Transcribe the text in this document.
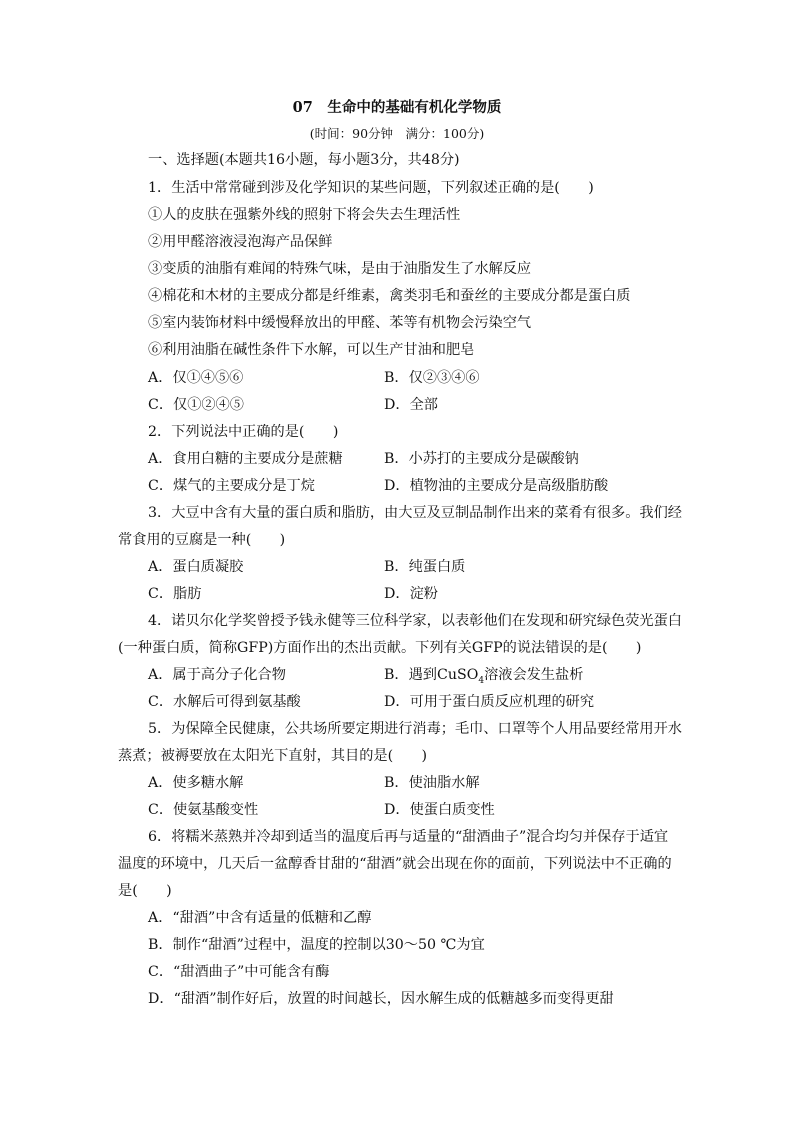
07　生命中的基础有机化学物质
(时间：90分钟　满分：100分)
一、选择题(本题共16小题，每小题3分，共48分)
1．生活中常常碰到涉及化学知识的某些问题，下列叙述正确的是(　　)
①人的皮肤在强紫外线的照射下将会失去生理活性
②用甲醛溶液浸泡海产品保鲜
③变质的油脂有难闻的特殊气味，是由于油脂发生了水解反应
④棉花和木材的主要成分都是纤维素，禽类羽毛和蚕丝的主要成分都是蛋白质
⑤室内装饰材料中缓慢释放出的甲醛、苯等有机物会污染空气
⑥利用油脂在碱性条件下水解，可以生产甘油和肥皂
A．仅①④⑤⑥	B．仅②③④⑥
C．仅①②④⑤	D．全部
2．下列说法中正确的是(　　)
A．食用白糖的主要成分是蔗糖	B．小苏打的主要成分是碳酸钠
C．煤气的主要成分是丁烷	D．植物油的主要成分是高级脂肪酸
3．大豆中含有大量的蛋白质和脂肪，由大豆及豆制品制作出来的菜肴有很多。我们经
常食用的豆腐是一种(　　)
A．蛋白质凝胶	B．纯蛋白质
C．脂肪	D．淀粉
4．诺贝尔化学奖曾授予钱永健等三位科学家，以表彰他们在发现和研究绿色荧光蛋白
(一种蛋白质，简称GFP)方面作出的杰出贡献。下列有关GFP的说法错误的是(　　)
A．属于高分子化合物	B．遇到CuSO$_4$溶液会发生盐析
C．水解后可得到氨基酸	D．可用于蛋白质反应机理的研究
5．为保障全民健康，公共场所要定期进行消毒；毛巾、口罩等个人用品要经常用开水
蒸煮；被褥要放在太阳光下直射，其目的是(　　)
A．使多糖水解	B．使油脂水解
C．使氨基酸变性	D．使蛋白质变性
6．将糯米蒸熟并冷却到适当的温度后再与适量的“甜酒曲子”混合均匀并保存于适宜
温度的环境中，几天后一盆醇香甘甜的“甜酒”就会出现在你的面前，下列说法中不正确的
是(　　)
A．“甜酒”中含有适量的低糖和乙醇
B．制作“甜酒”过程中，温度的控制以30～50 ℃为宜
C．“甜酒曲子”中可能含有酶
D．“甜酒”制作好后，放置的时间越长，因水解生成的低糖越多而变得更甜
